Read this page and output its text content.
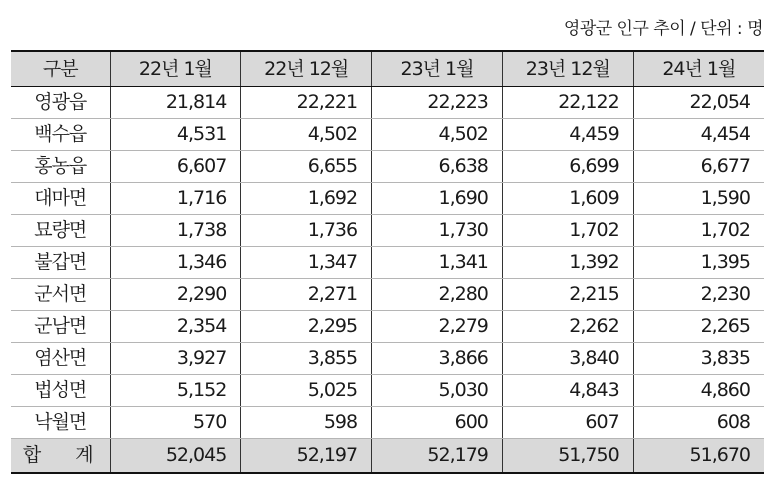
영광군 인구 추이 / 단위 : 명
구분	22년 1월	22년 12월	23년 1월	23년 12월	24년 1월
영광읍	21,814	22,221	22,223	22,122	22,054
백수읍	4,531	4,502	4,502	4,459	4,454
홍농읍	6,607	6,655	6,638	6,699	6,677
대마면	1,716	1,692	1,690	1,609	1,590
묘량면	1,738	1,736	1,730	1,702	1,702
불갑면	1,346	1,347	1,341	1,392	1,395
군서면	2,290	2,271	2,280	2,215	2,230
군남면	2,354	2,295	2,279	2,262	2,265
염산면	3,927	3,855	3,866	3,840	3,835
법성면	5,152	5,025	5,030	4,843	4,860
낙월면	570	598	600	607	608
합 계	52,045	52,197	52,179	51,750	51,670
